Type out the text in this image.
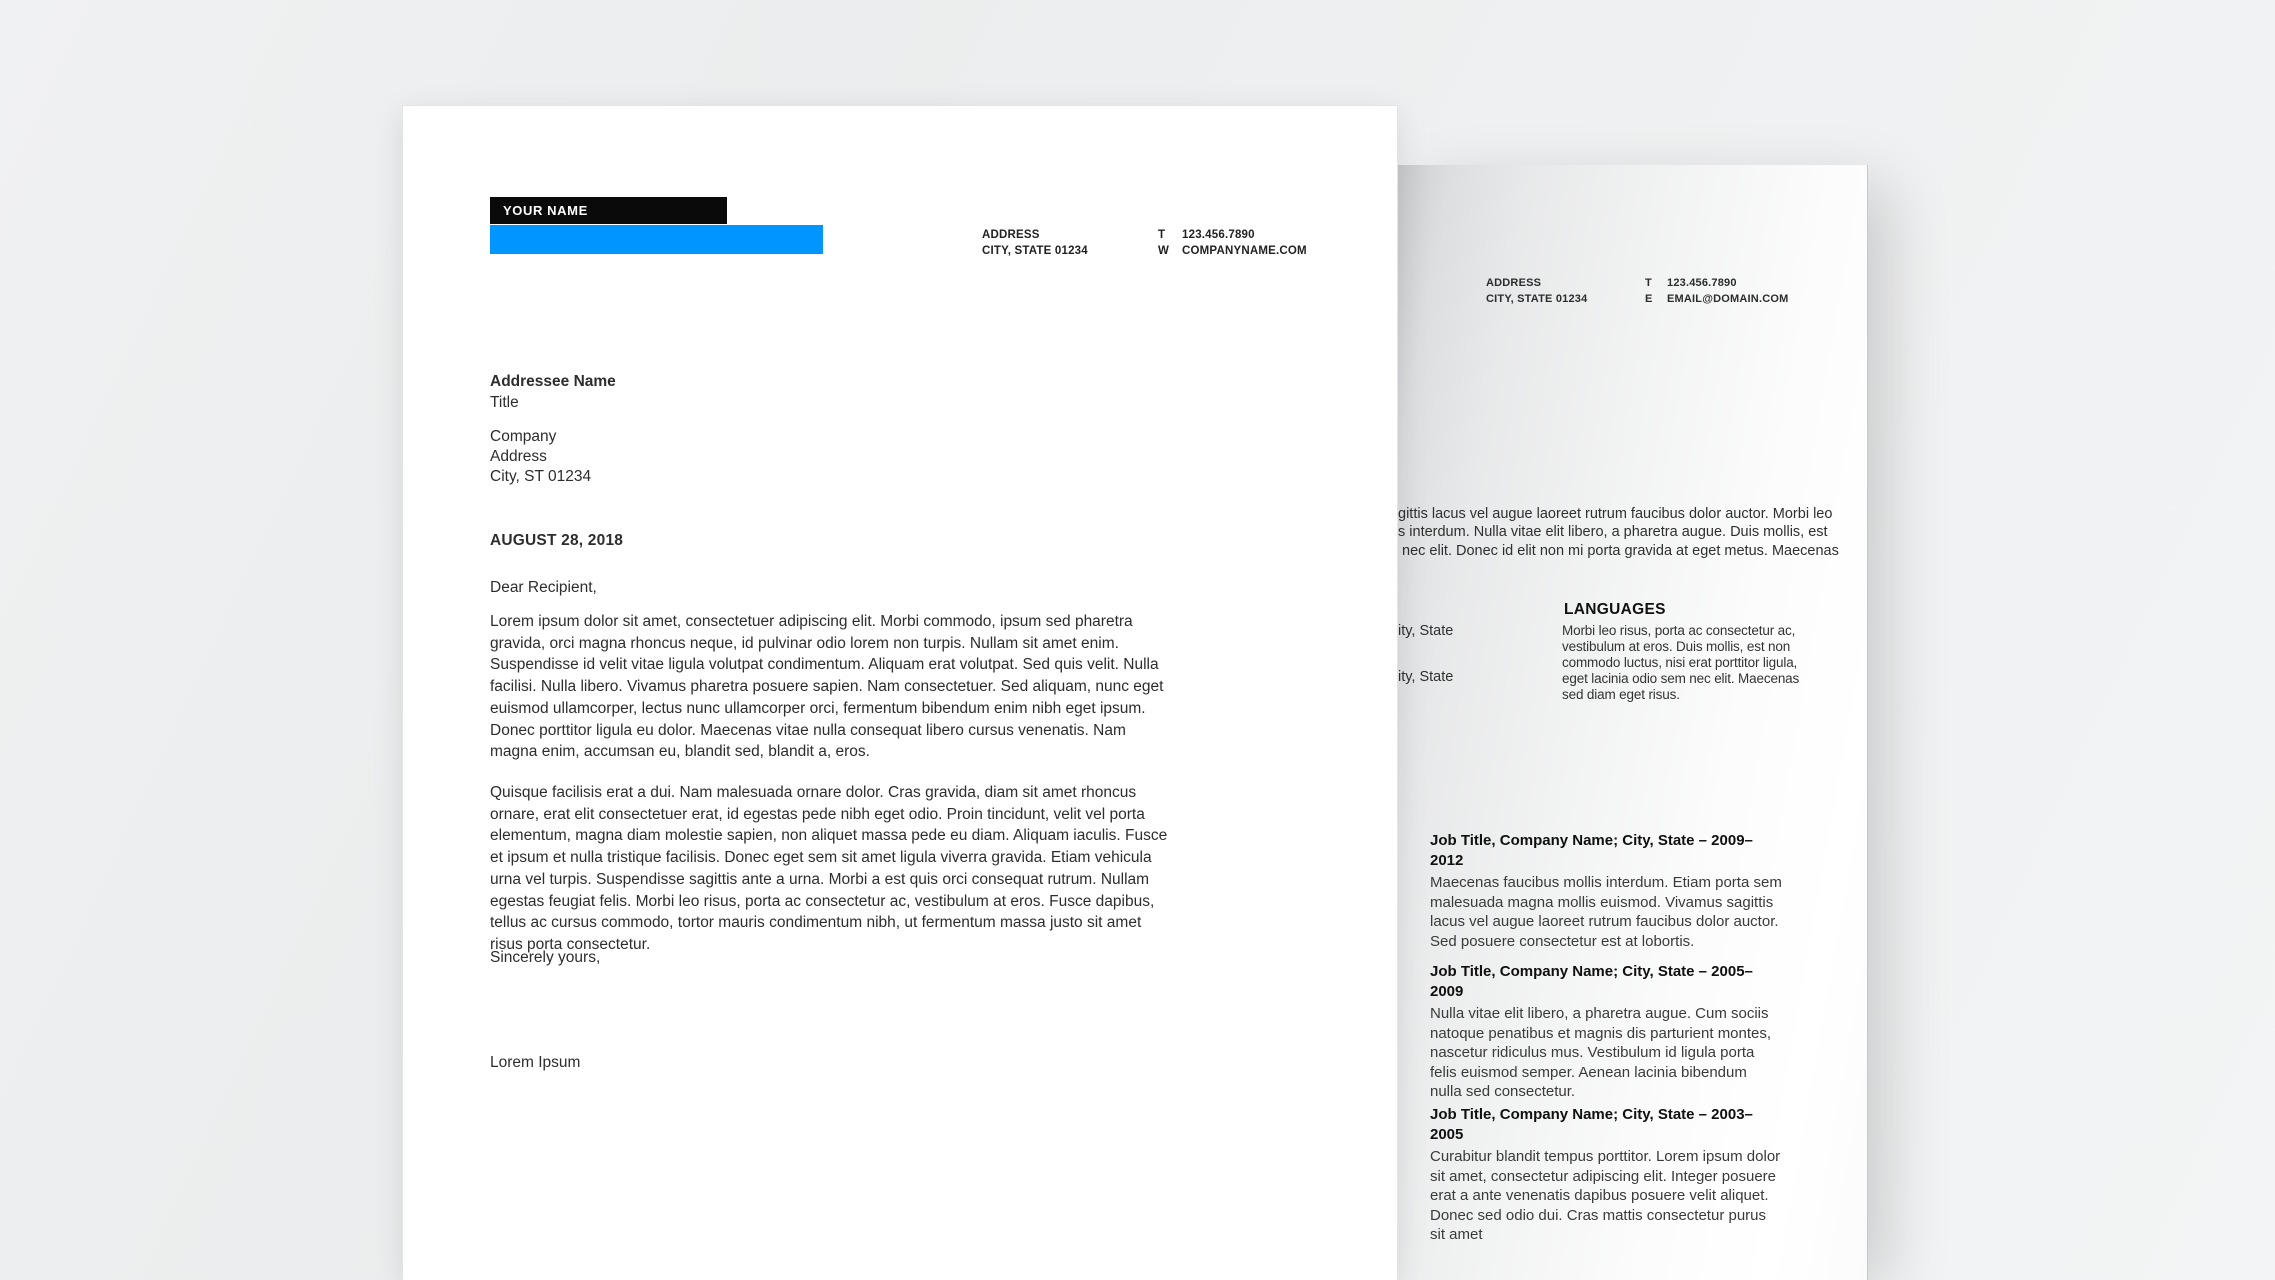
ADDRESS
CITY, STATE 01234
T 123.456.7890
E EMAIL@DOMAIN.COM
gittis lacus vel augue laoreet rutrum faucibus dolor auctor. Morbi leo
s interdum. Nulla vitae elit libero, a pharetra augue. Duis mollis, est
nec elit. Donec id elit non mi porta gravida at eget metus. Maecenas
ity, State
ity, State
LANGUAGES
Morbi leo risus, porta ac consectetur ac, vestibulum at eros. Duis mollis, est non commodo luctus, nisi erat porttitor ligula, eget lacinia odio sem nec elit. Maecenas sed diam eget risus.
Job Title, Company Name; City, State – 2009–2012
Maecenas faucibus mollis interdum. Etiam porta sem malesuada magna mollis euismod. Vivamus sagittis lacus vel augue laoreet rutrum faucibus dolor auctor. Sed posuere consectetur est at lobortis.
Job Title, Company Name; City, State – 2005–2009
Nulla vitae elit libero, a pharetra augue. Cum sociis natoque penatibus et magnis dis parturient montes, nascetur ridiculus mus. Vestibulum id ligula porta felis euismod semper. Aenean lacinia bibendum nulla sed consectetur.
Job Title, Company Name; City, State – 2003–2005
Curabitur blandit tempus porttitor. Lorem ipsum dolor sit amet, consectetur adipiscing elit. Integer posuere erat a ante venenatis dapibus posuere velit aliquet. Donec sed odio dui. Cras mattis consectetur purus sit amet
YOUR NAME
ADDRESS
CITY, STATE 01234
T 123.456.7890
W COMPANYNAME.COM
Addressee Name
Title
Company
Address
City, ST 01234
AUGUST 28, 2018
Dear Recipient,
Lorem ipsum dolor sit amet, consectetuer adipiscing elit. Morbi commodo, ipsum sed pharetra gravida, orci magna rhoncus neque, id pulvinar odio lorem non turpis. Nullam sit amet enim. Suspendisse id velit vitae ligula volutpat condimentum. Aliquam erat volutpat. Sed quis velit. Nulla facilisi. Nulla libero. Vivamus pharetra posuere sapien. Nam consectetuer. Sed aliquam, nunc eget euismod ullamcorper, lectus nunc ullamcorper orci, fermentum bibendum enim nibh eget ipsum. Donec porttitor ligula eu dolor. Maecenas vitae nulla consequat libero cursus venenatis. Nam magna enim, accumsan eu, blandit sed, blandit a, eros.
Quisque facilisis erat a dui. Nam malesuada ornare dolor. Cras gravida, diam sit amet rhoncus ornare, erat elit consectetuer erat, id egestas pede nibh eget odio. Proin tincidunt, velit vel porta elementum, magna diam molestie sapien, non aliquet massa pede eu diam. Aliquam iaculis. Fusce et ipsum et nulla tristique facilisis. Donec eget sem sit amet ligula viverra gravida. Etiam vehicula urna vel turpis. Suspendisse sagittis ante a urna. Morbi a est quis orci consequat rutrum. Nullam egestas feugiat felis. Morbi leo risus, porta ac consectetur ac, vestibulum at eros. Fusce dapibus, tellus ac cursus commodo, tortor mauris condimentum nibh, ut fermentum massa justo sit amet risus porta consectetur.
Sincerely yours,
Lorem Ipsum
